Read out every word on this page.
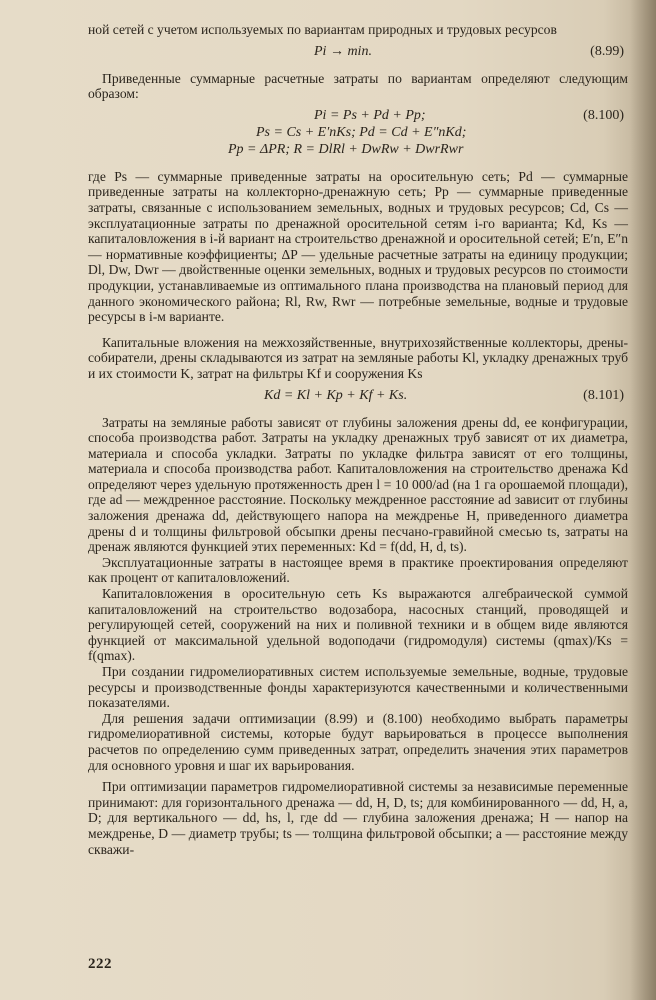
ной сетей с учетом используемых по вариантам природных и трудовых ресурсов

Pi → min.	(8.99)

Приведенные суммарные расчетные затраты по вариантам определяют следующим образом:

Pi = Ps + Pd + Pp;	(8.100)
Ps = Cs + E′nKs; Pd = Cd + E″nKd;
Pp = ΔPR; R = DlRl + DwRw + DwrRwr

где Ps — суммарные приведенные затраты на оросительную сеть; Pd — суммарные приведенные затраты на коллекторно-дренажную сеть; Pp — суммарные приведенные затраты, связанные с использованием земельных, водных и трудовых ресурсов; Cd, Cs — эксплуатационные затраты по дренажной оросительной сетям i-го варианта; Kd, Ks — капиталовложения в i-й вариант на строительство дренажной и оросительной сетей; E′n, E″n — нормативные коэффициенты; ΔP — удельные расчетные затраты на единицу продукции; Dl, Dw, Dwr — двойственные оценки земельных, водных и трудовых ресурсов по стоимости продукции, устанавливаемые из оптимального плана производства на плановый период для данного экономического района; Rl, Rw, Rwr — потребные земельные, водные и трудовые ресурсы в i-м варианте.

Капитальные вложения на межхозяйственные, внутрихозяйственные коллекторы, дрены-собиратели, дрены складываются из затрат на земляные работы Kl, укладку дренажных труб и их стоимости K, затрат на фильтры Kf и сооружения Ks

Kd = Kl + Kp + Kf + Ks.	(8.101)

Затраты на земляные работы зависят от глубины заложения дрены dd, ее конфигурации, способа производства работ. Затраты на укладку дренажных труб зависят от их диаметра, материала и способа укладки. Затраты по укладке фильтра зависят от его толщины, материала и способа производства работ. Капиталовложения на строительство дренажа Kd определяют через удельную протяженность дрен l = 10 000/ad (на 1 га орошаемой площади), где ad — междренное расстояние. Поскольку междренное расстояние ad зависит от глубины заложения дренажа dd, действующего напора на междренье H, приведенного диаметра дрены d и толщины фильтровой обсыпки дрены песчано-гравийной смесью ts, затраты на дренаж являются функцией этих переменных: Kd = f(dd, H, d, ts).

Эксплуатационные затраты в настоящее время в практике проектирования определяют как процент от капиталовложений.

Капиталовложения в оросительную сеть Ks выражаются алгебраической суммой капиталовложений на строительство водозабора, насосных станций, проводящей и регулирующей сетей, сооружений на них и поливной техники и в общем виде являются функцией от максимальной удельной водоподачи (гидромодуля) системы (qmax)/Ks = f(qmax).

При создании гидромелиоративных систем используемые земельные, водные, трудовые ресурсы и производственные фонды характеризуются качественными и количественными показателями.

Для решения задачи оптимизации (8.99) и (8.100) необходимо выбрать параметры гидромелиоративной системы, которые будут варьироваться в процессе выполнения расчетов по определению сумм приведенных затрат, определить значения этих параметров для основного уровня и шаг их варьирования.

При оптимизации параметров гидромелиоративной системы за независимые переменные принимают: для горизонтального дренажа — dd, H, D, ts; для комбинированного — dd, H, a, D; для вертикального — dd, hs, l, где dd — глубина заложения дренажа; H — напор на междренье, D — диаметр трубы; ts — толщина фильтровой обсыпки; a — расстояние между скважи-

222
